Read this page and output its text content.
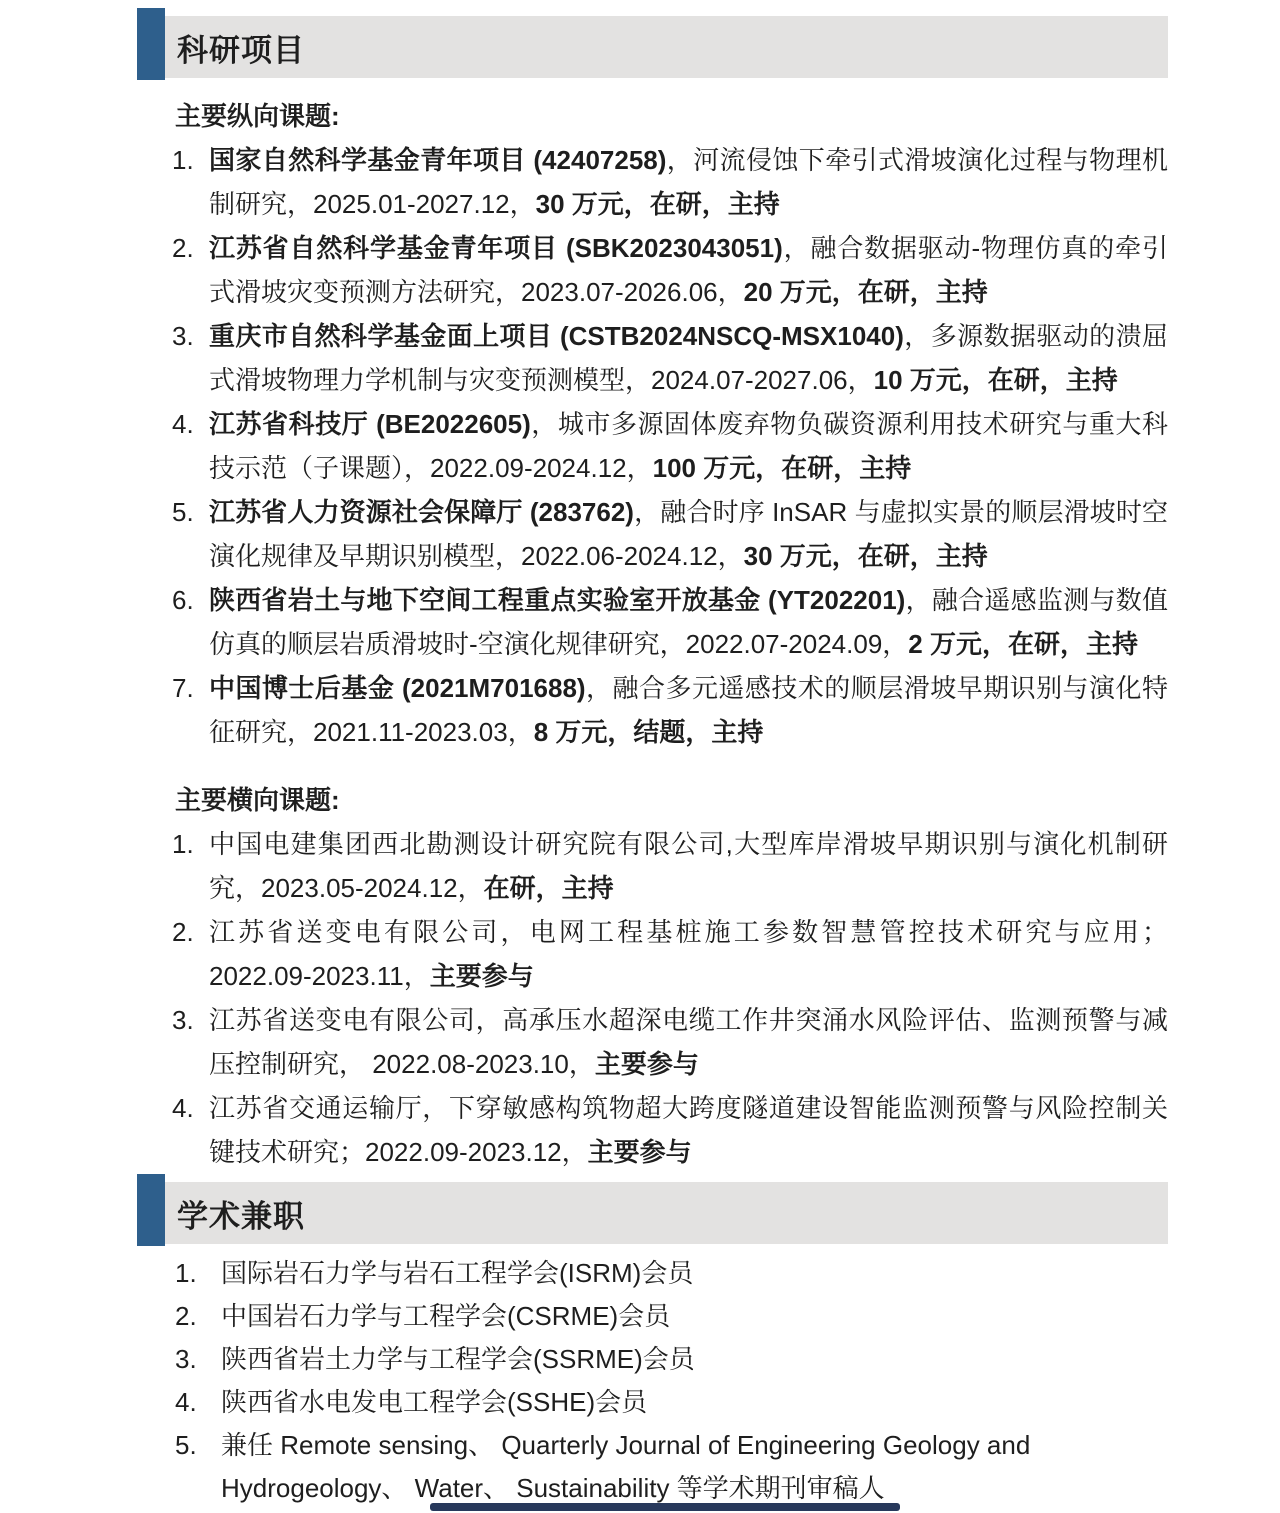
科研项目
主要纵向课题:
1. 国家自然科学基金青年项目 (42407258)，河流侵蚀下牵引式滑坡演化过程与物理机制研究，2025.01-2027.12，30 万元，在研，主持
2. 江苏省自然科学基金青年项目 (SBK2023043051)，融合数据驱动-物理仿真的牵引式滑坡灾变预测方法研究，2023.07-2026.06，20 万元，在研，主持
3. 重庆市自然科学基金面上项目 (CSTB2024NSCQ-MSX1040)，多源数据驱动的溃屈式滑坡物理力学机制与灾变预测模型，2024.07-2027.06，10 万元，在研，主持
4. 江苏省科技厅 (BE2022605)，城市多源固体废弃物负碳资源利用技术研究与重大科技示范（子课题），2022.09-2024.12，100 万元，在研，主持
5. 江苏省人力资源社会保障厅 (283762)，融合时序 InSAR 与虚拟实景的顺层滑坡时空演化规律及早期识别模型，2022.06-2024.12，30 万元，在研，主持
6. 陕西省岩土与地下空间工程重点实验室开放基金 (YT202201)，融合遥感监测与数值仿真的顺层岩质滑坡时-空演化规律研究，2022.07-2024.09，2 万元，在研，主持
7. 中国博士后基金 (2021M701688)，融合多元遥感技术的顺层滑坡早期识别与演化特征研究，2021.11-2023.03，8 万元，结题，主持
主要横向课题:
1. 中国电建集团西北勘测设计研究院有限公司,大型库岸滑坡早期识别与演化机制研究，2023.05-2024.12，在研，主持
2. 江苏省送变电有限公司，电网工程基桩施工参数智慧管控技术研究与应用；2022.09-2023.11，主要参与
3. 江苏省送变电有限公司，高承压水超深电缆工作井突涌水风险评估、监测预警与减压控制研究， 2022.08-2023.10，主要参与
4. 江苏省交通运输厅，下穿敏感构筑物超大跨度隧道建设智能监测预警与风险控制关键技术研究；2022.09-2023.12，主要参与
学术兼职
1. 国际岩石力学与岩石工程学会(ISRM)会员
2. 中国岩石力学与工程学会(CSRME)会员
3. 陕西省岩土力学与工程学会(SSRME)会员
4. 陕西省水电发电工程学会(SSHE)会员
5. 兼任 Remote sensing、 Quarterly Journal of Engineering Geology and Hydrogeology、 Water、 Sustainability 等学术期刊审稿人
